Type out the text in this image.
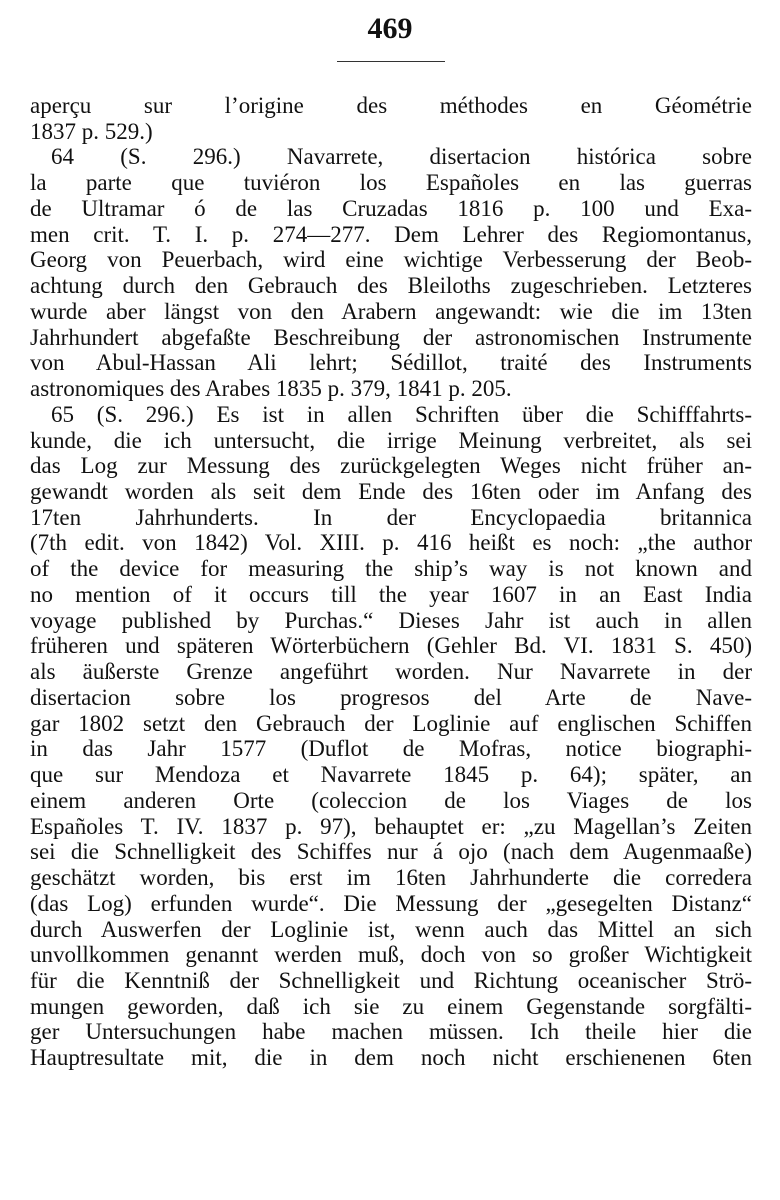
469
aperçu sur l’origine des méthodes en Géométrie
1837 p. 529.)
64 (S. 296.) Navarrete, disertacion histórica sobre
la parte que tuviéron los Españoles en las guerras
de Ultramar ó de las Cruzadas 1816 p. 100 und Exa-
men crit. T. I. p. 274—277. Dem Lehrer des Regiomontanus,
Georg von Peuerbach, wird eine wichtige Verbesserung der Beob-
achtung durch den Gebrauch des Bleiloths zugeschrieben. Letzteres
wurde aber längst von den Arabern angewandt: wie die im 13ten
Jahrhundert abgefaßte Beschreibung der astronomischen Instrumente
von Abul-Hassan Ali lehrt; Sédillot, traité des Instruments
astronomiques des Arabes 1835 p. 379, 1841 p. 205.
65 (S. 296.) Es ist in allen Schriften über die Schifffahrts-
kunde, die ich untersucht, die irrige Meinung verbreitet, als sei
das Log zur Messung des zurückgelegten Weges nicht früher an-
gewandt worden als seit dem Ende des 16ten oder im Anfang des
17ten Jahrhunderts. In der Encyclopaedia britannica
(7th edit. von 1842) Vol. XIII. p. 416 heißt es noch: „the author
of the device for measuring the ship’s way is not known and
no mention of it occurs till the year 1607 in an East India
voyage published by Purchas.“ Dieses Jahr ist auch in allen
früheren und späteren Wörterbüchern (Gehler Bd. VI. 1831 S. 450)
als äußerste Grenze angeführt worden. Nur Navarrete in der
disertacion sobre los progresos del Arte de Nave-
gar 1802 setzt den Gebrauch der Loglinie auf englischen Schiffen
in das Jahr 1577 (Duflot de Mofras, notice biographi-
que sur Mendoza et Navarrete 1845 p. 64); später, an
einem anderen Orte (coleccion de los Viages de los
Españoles T. IV. 1837 p. 97), behauptet er: „zu Magellan’s Zeiten
sei die Schnelligkeit des Schiffes nur á ojo (nach dem Augenmaaße)
geschätzt worden, bis erst im 16ten Jahrhunderte die corredera
(das Log) erfunden wurde“. Die Messung der „gesegelten Distanz“
durch Auswerfen der Loglinie ist, wenn auch das Mittel an sich
unvollkommen genannt werden muß, doch von so großer Wichtigkeit
für die Kenntniß der Schnelligkeit und Richtung oceanischer Strö-
mungen geworden, daß ich sie zu einem Gegenstande sorgfälti-
ger Untersuchungen habe machen müssen. Ich theile hier die
Hauptresultate mit, die in dem noch nicht erschienenen 6ten
